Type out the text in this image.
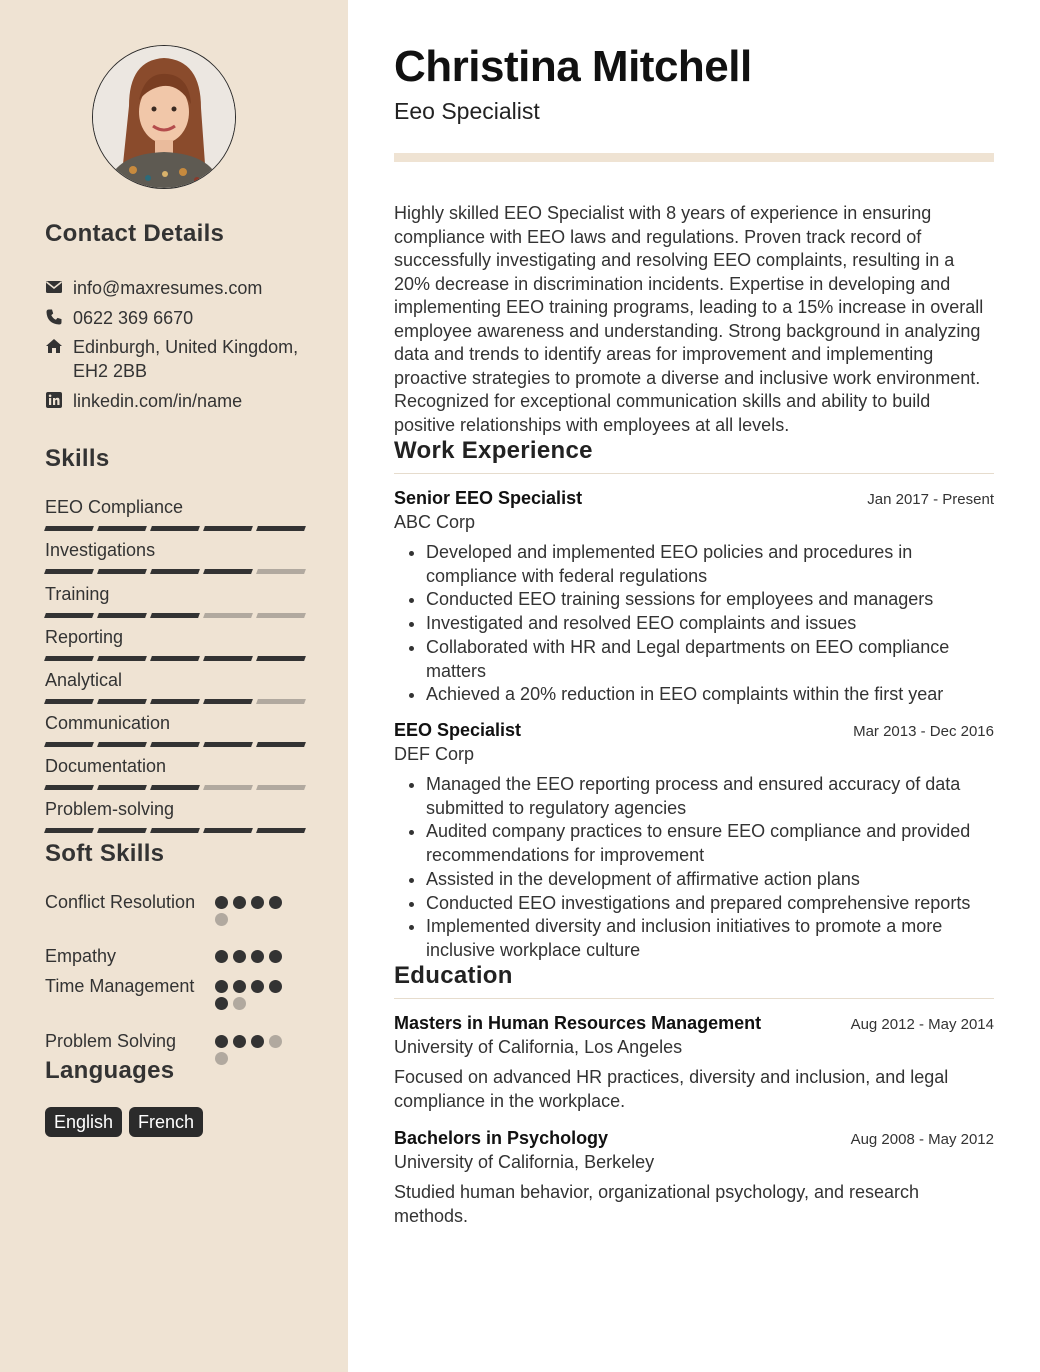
Contact Details
info@maxresumes.com
0622 369 6670
Edinburgh, United Kingdom, EH2 2BB
linkedin.com/in/name
Skills
EEO Compliance
Investigations
Training
Reporting
Analytical
Communication
Documentation
Problem-solving
Soft Skills
Conflict Resolution
Empathy
Time Management
Problem Solving
Languages
English	French
Christina Mitchell
Eeo Specialist

Highly skilled EEO Specialist with 8 years of experience in ensuring compliance with EEO laws and regulations. Proven track record of successfully investigating and resolving EEO complaints, resulting in a 20% decrease in discrimination incidents. Expertise in developing and implementing EEO training programs, leading to a 15% increase in overall employee awareness and understanding. Strong background in analyzing data and trends to identify areas for improvement and implementing proactive strategies to promote a diverse and inclusive work environment. Recognized for exceptional communication skills and ability to build positive relationships with employees at all levels.

Work Experience
Senior EEO Specialist	Jan 2017 - Present
ABC Corp
• Developed and implemented EEO policies and procedures in compliance with federal regulations
• Conducted EEO training sessions for employees and managers
• Investigated and resolved EEO complaints and issues
• Collaborated with HR and Legal departments on EEO compliance matters
• Achieved a 20% reduction in EEO complaints within the first year
EEO Specialist	Mar 2013 - Dec 2016
DEF Corp
• Managed the EEO reporting process and ensured accuracy of data submitted to regulatory agencies
• Audited company practices to ensure EEO compliance and provided recommendations for improvement
• Assisted in the development of affirmative action plans
• Conducted EEO investigations and prepared comprehensive reports
• Implemented diversity and inclusion initiatives to promote a more inclusive workplace culture
Education
Masters in Human Resources Management	Aug 2012 - May 2014
University of California, Los Angeles
Focused on advanced HR practices, diversity and inclusion, and legal compliance in the workplace.
Bachelors in Psychology	Aug 2008 - May 2012
University of California, Berkeley
Studied human behavior, organizational psychology, and research methods.
